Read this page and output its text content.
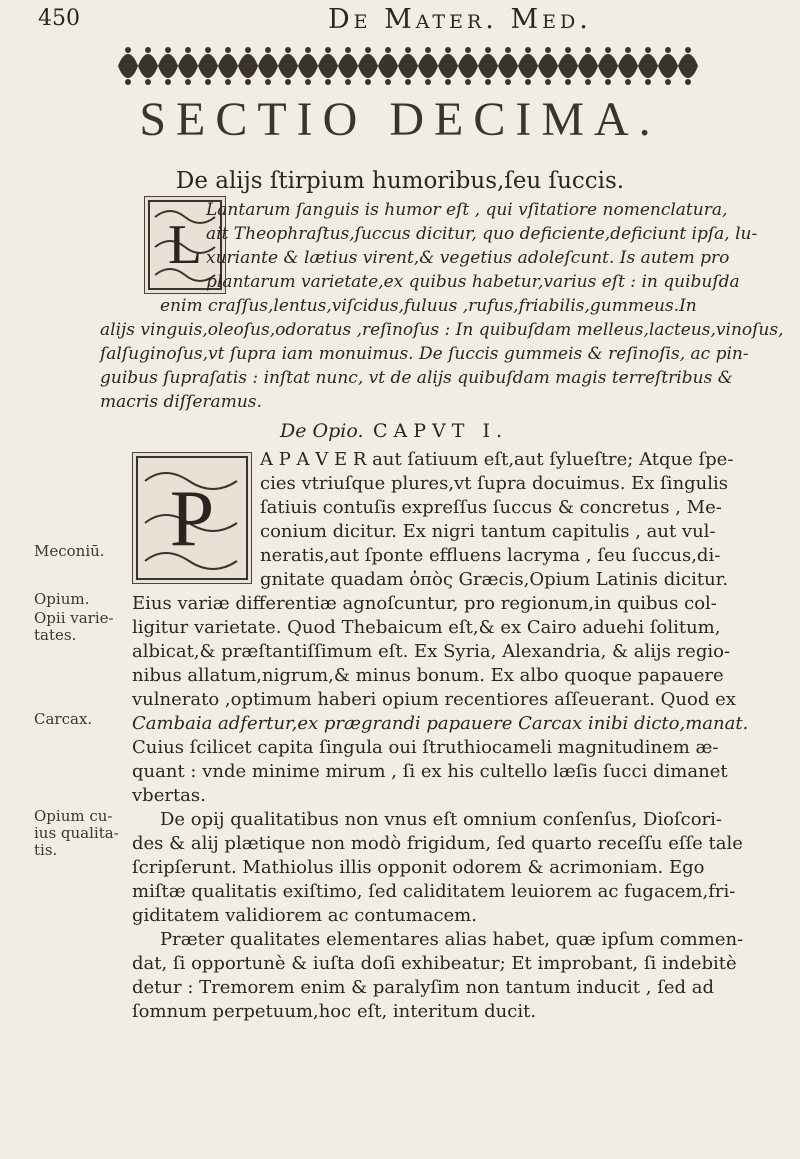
450	De Mater. Med.
SECTIO DECIMA.
De alijs ſtirpium humoribus,ſeu ſuccis.
L
Lantarum ſanguis is humor eſt , qui vſitatiore nomenclatura,
ait Theophraſtus,ſuccus dicitur, quo deficiente,deficiunt ipſa, lu-
xuriante & lætius virent,& vegetius adoleſcunt. Is autem pro
plantarum varietate,ex quibus habetur,varius eſt : in quibuſda
enim craſſus,lentus,viſcidus,fuluus ,rufus,friabilis,gummeus.In
alijs vinguis,oleoſus,odoratus ,reſinoſus : In quibuſdam melleus,lacteus,vinoſus,
ſalſuginoſus,vt ſupra iam monuimus. De ſuccis gummeis & reſinoſis, ac pin-
guibus ſupraſatis : inſtat nunc, vt de alijs quibuſdam magis terreſtribus &
macris diſſeramus.
De Opio. CAPVT I.
P
A P A V E R aut ſatiuum eſt,aut ſylueſtre; Atque ſpe-
cies vtriuſque plures,vt ſupra docuimus. Ex ſingulis
ſatiuis contuſis expreſſus ſuccus & concretus , Me-
conium dicitur. Ex nigri tantum capitulis , aut vul-
neratis,aut ſponte effluens lacryma , ſeu ſuccus,di-
gnitate quadam ὀπὸς Græcis,Opium Latinis dicitur.
Eius variæ differentiæ agnoſcuntur, pro regionum,in quibus col-
ligitur varietate. Quod Thebaicum eſt,& ex Cairo aduehi ſolitum,
albicat,& præſtantiſſimum eſt. Ex Syria, Alexandria, & alijs regio-
nibus allatum,nigrum,& minus bonum. Ex albo quoque papauere
vulnerato ,optimum haberi opium recentiores aſſeuerant. Quod ex
Cambaia adfertur,ex prægrandi papauere Carcax inibi dicto,manat.
Cuius ſcilicet capita ſingula oui ſtruthiocameli magnitudinem æ-
quant : vnde minime mirum , ſi ex his cultello læſis ſucci dimanet
vbertas.
De opij qualitatibus non vnus eſt omnium conſenſus, Dioſcori-
des & alij plætique non modò frigidum, ſed quarto receſſu eſſe tale
ſcripſerunt. Mathiolus illis opponit odorem & acrimoniam. Ego
miſtæ qualitatis exiſtimo, ſed caliditatem leuiorem ac fugacem,fri-
giditatem validiorem ac contumacem.
Præter qualitates elementares alias habet, quæ ipſum commen-
dat, ſi opportunè & iuſta doſi exhibeatur; Et improbant, ſi indebitè
detur : Tremorem enim & paralyſim non tantum inducit , ſed ad
ſomnum perpetuum,hoc eſt, interitum ducit.
Meconiū.
Opium.
Opii varie-
tates.
Carcax.
Opium cu-
ius qualita-
tis.
